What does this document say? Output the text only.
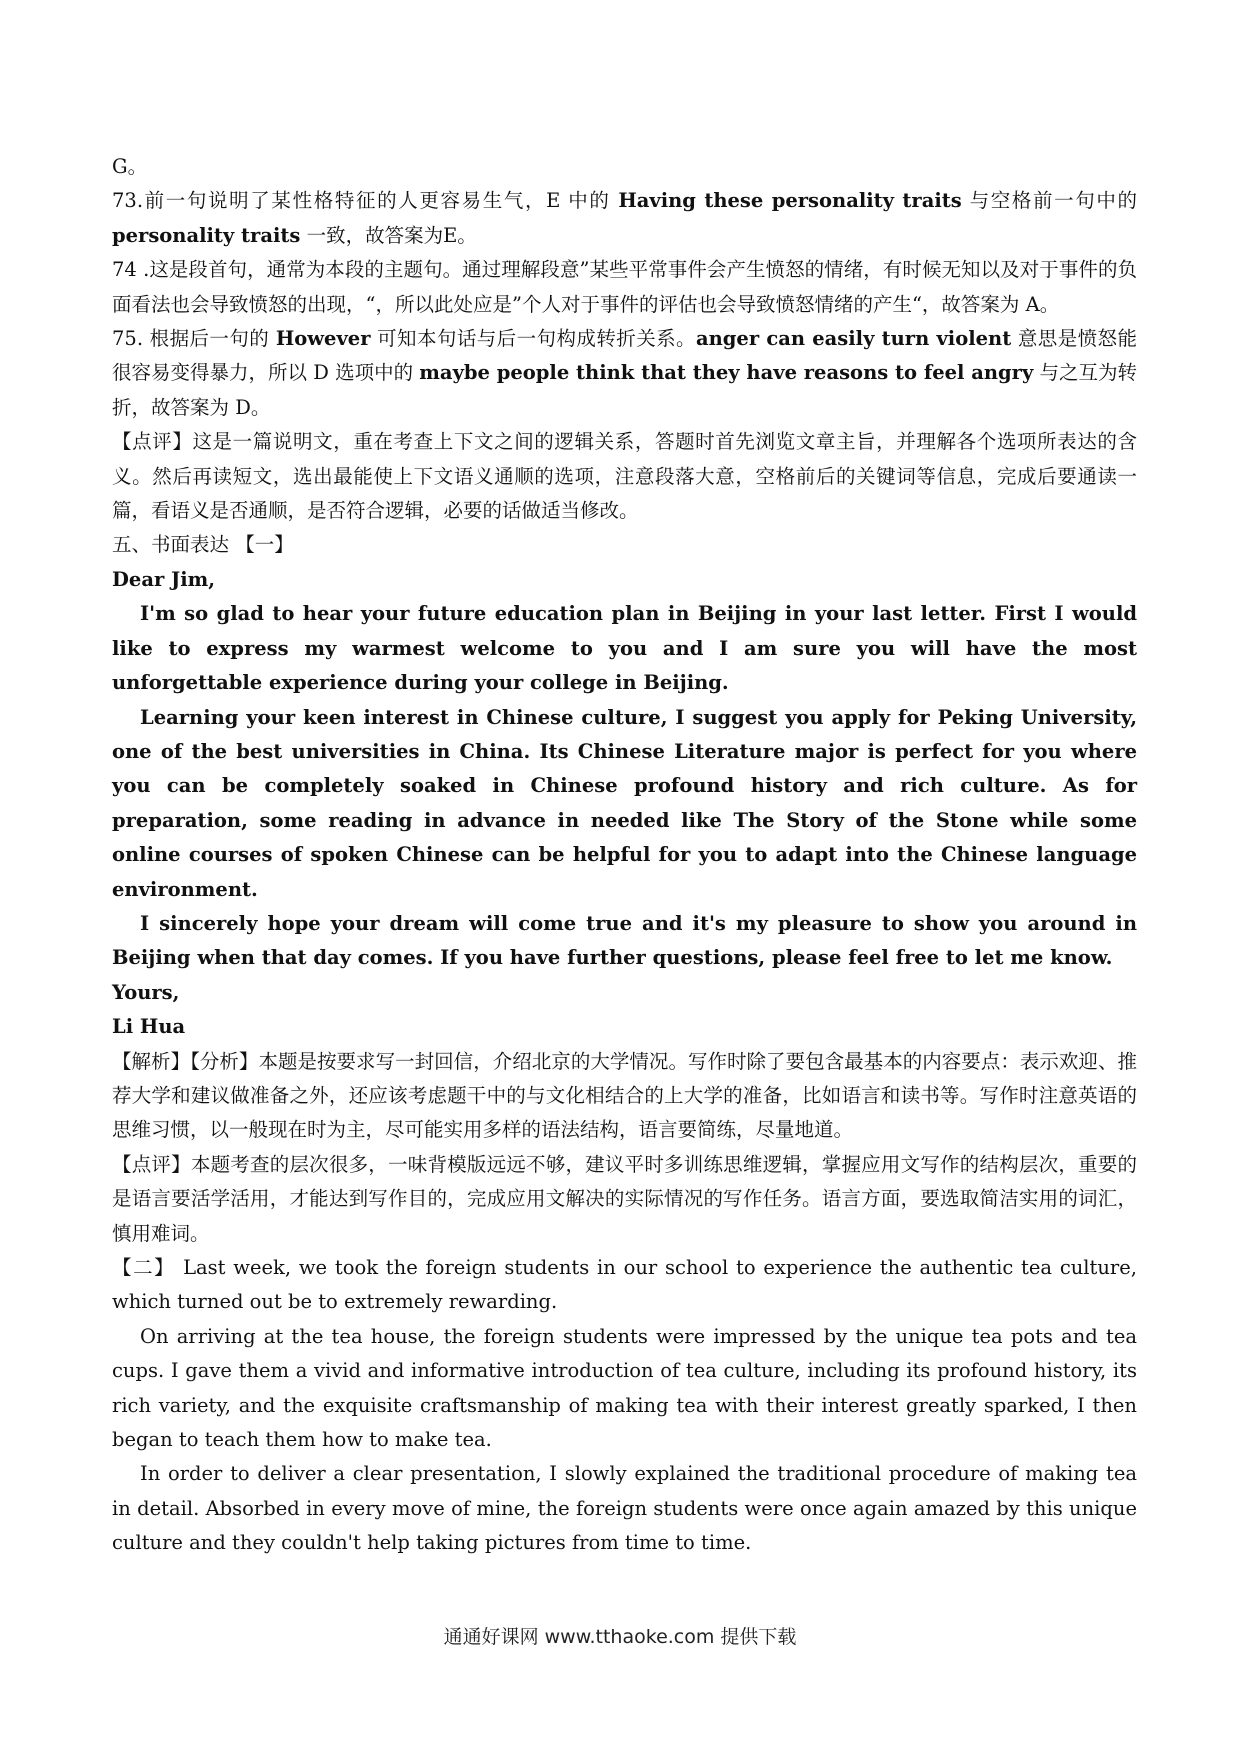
G。
73.前一句说明了某性格特征的人更容易生气，E 中的 Having these personality traits 与空格前一句中的 personality traits 一致，故答案为E。
74 .这是段首句，通常为本段的主题句。通过理解段意”某些平常事件会产生愤怒的情绪，有时候无知以及对于事件的负面看法也会导致愤怒的出现，“，所以此处应是”个人对于事件的评估也会导致愤怒情绪的产生“，故答案为 A。
75. 根据后一句的 However 可知本句话与后一句构成转折关系。anger can easily turn violent 意思是愤怒能很容易变得暴力，所以 D 选项中的 maybe people think that they have reasons to feel angry 与之互为转折，故答案为 D。
【点评】这是一篇说明文，重在考查上下文之间的逻辑关系，答题时首先浏览文章主旨，并理解各个选项所表达的含义。然后再读短文，选出最能使上下文语义通顺的选项，注意段落大意，空格前后的关键词等信息，完成后要通读一篇，看语义是否通顺，是否符合逻辑，必要的话做适当修改。
五、书面表达 【一】
Dear Jim,
I'm so glad to hear your future education plan in Beijing in your last letter. First I would like to express my warmest welcome to you and I am sure you will have the most unforgettable experience during your college in Beijing.
Learning your keen interest in Chinese culture, I suggest you apply for Peking University, one of the best universities in China. Its Chinese Literature major is perfect for you where you can be completely soaked in Chinese profound history and rich culture. As for preparation, some reading in advance in needed like The Story of the Stone while some online courses of spoken Chinese can be helpful for you to adapt into the Chinese language environment.
I sincerely hope your dream will come true and it's my pleasure to show you around in Beijing when that day comes. If you have further questions, please feel free to let me know.
Yours,
Li Hua
【解析】【分析】本题是按要求写一封回信，介绍北京的大学情况。写作时除了要包含最基本的内容要点：表示欢迎、推荐大学和建议做准备之外，还应该考虑题干中的与文化相结合的上大学的准备，比如语言和读书等。写作时注意英语的思维习惯，以一般现在时为主，尽可能实用多样的语法结构，语言要简练，尽量地道。
【点评】本题考查的层次很多，一味背模版远远不够，建议平时多训练思维逻辑，掌握应用文写作的结构层次，重要的是语言要活学活用，才能达到写作目的，完成应用文解决的实际情况的写作任务。语言方面，要选取简洁实用的词汇，慎用难词。
【二】 Last week, we took the foreign students in our school to experience the authentic tea culture, which turned out be to extremely rewarding.
On arriving at the tea house, the foreign students were impressed by the unique tea pots and tea cups. I gave them a vivid and informative introduction of tea culture, including its profound history, its rich variety, and the exquisite craftsmanship of making tea with their interest greatly sparked, I then began to teach them how to make tea.
In order to deliver a clear presentation, I slowly explained the traditional procedure of making tea in detail. Absorbed in every move of mine, the foreign students were once again amazed by this unique culture and they couldn't help taking pictures from time to time.
通通好课网 www.tthaoke.com 提供下载
